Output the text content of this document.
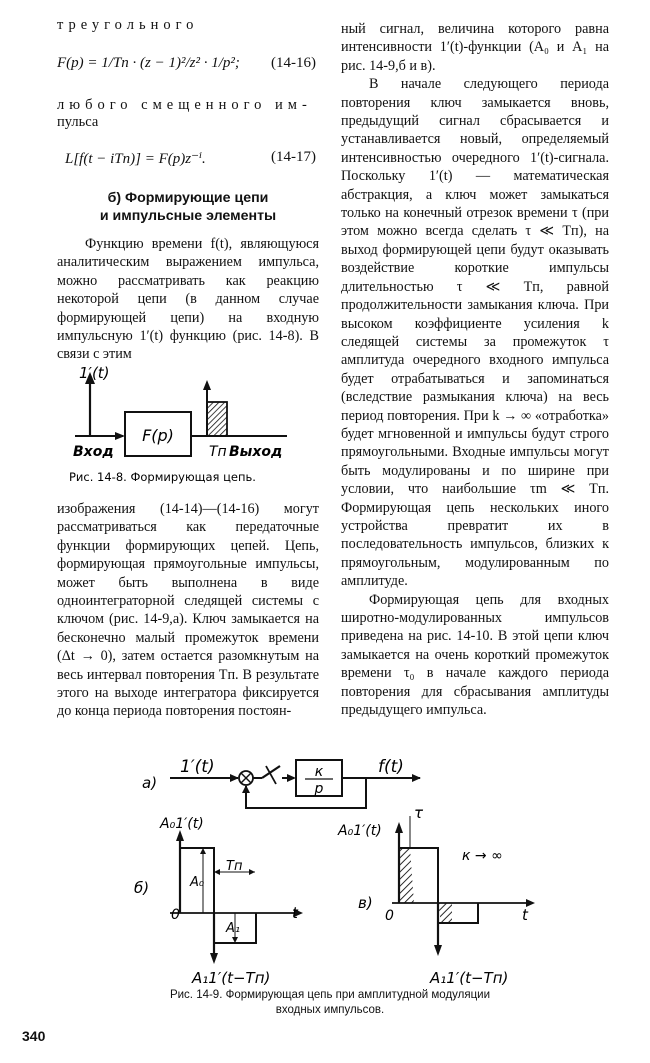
треугольного
F(p) = 1/Tп · (z − 1)²/z² · 1/p²; (14-16)
любого смещенного им-
пульса
L[f(t − iTп)] = F(p)z⁻ⁱ.	(14-17)
б) Формирующие цепи
и импульсные элементы

Функцию времени f(t), являющуюся аналитическим выражением импульса, можно рассматривать как реакцию некоторой цепи (в данном случае формирующей цепи) на входную импульсную 1′(t) функцию (рис. 14-8). В связи с этим

1′(t)
F(p)
Вход	Tп Выход
Рис. 14-8. Формирующая цепь.

изображения (14-14)—(14-16) могут рассматриваться как передаточные функции формирующих цепей. Цепь, формирующая прямоугольные импульсы, может быть выполнена в виде одноинтеграторной следящей системы с ключом (рис. 14-9,а). Ключ замыкается на бесконечно малый промежуток времени (Δt → 0), затем остается разомкнутым на весь интервал повторения Tп. В результате этого на выходе интегратора фиксируется до конца периода повторения постоян-

ный сигнал, величина которого равна интенсивности 1′(t)-функции (A₀ и A₁ на рис. 14-9,б и в).

В начале следующего периода повторения ключ замыкается вновь, предыдущий сигнал сбрасывается и устанавливается новый, определяемый интенсивностью очередного 1′(t)-сигнала. Поскольку 1′(t) — математическая абстракция, а ключ может замыкаться только на конечный отрезок времени τ (при этом можно всегда сделать τ ≪ Tп), на выход формирующей цепи будут оказывать воздействие короткие импульсы длительностью τ ≪ Tп, равной продолжительности замыкания ключа. При высоком коэффициенте усиления k следящей системы за промежуток τ амплитуда очередного входного импульса будет отрабатываться и запоминаться (вследствие размыкания ключа) на весь период повторения. При k → ∞ «отработка» будет мгновенной и импульсы будут строго прямоугольными. Входные импульсы могут быть модулированы и по ширине при условии, что наибольшие τm ≪ Tп. Формирующая цепь нескольких иного устройства превратит их в последовательность импульсов, близких к прямоугольным, модулированным по амплитуде.

Формирующая цепь для входных широтно-модулированных импульсов приведена на рис. 14-10. В этой цепи ключ замыкается на очень короткий промежуток времени τ₀ в начале каждого периода повторения для сбрасывания амплитуды предыдущего импульса.

а)
1′(t)	к
p
f(t)
б)
t
0
A₀1′(t)
A₀
Tп
A₁
A₁1′(t−Tп)
в)
t
0
A₀1′(t)
τ
к → ∞
A₁1′(t−Tп)
Рис. 14-9. Формирующая цепь при амплитудной модуляции
входных импульсов.
340
